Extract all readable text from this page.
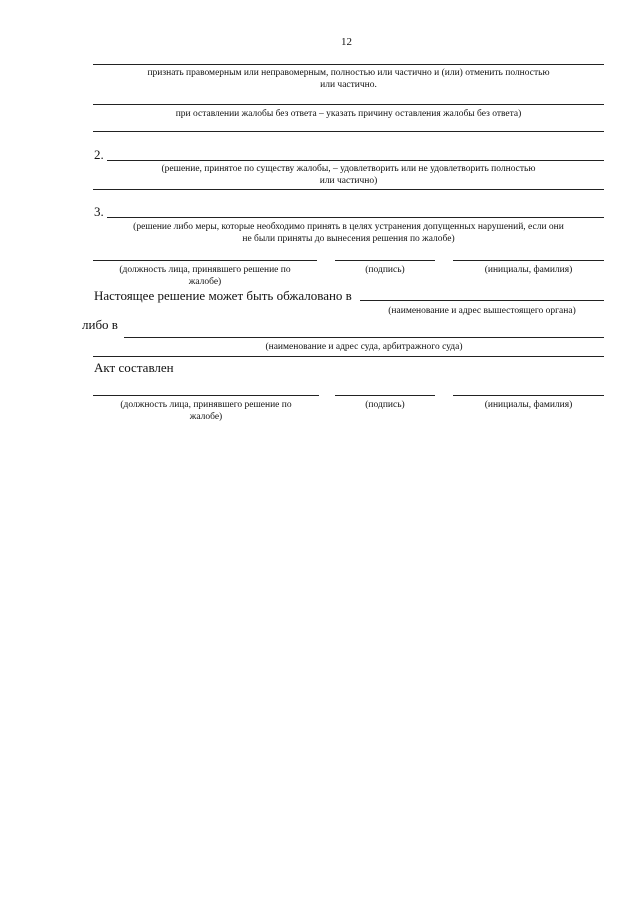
12
признать правомерным или неправомерным, полностью или частично и (или) отменить полностью
или частично.
при оставлении жалобы без ответа – указать причину оставления жалобы без ответа)
2.
(решение, принятое по существу жалобы, – удовлетворить или не удовлетворить полностью
или частично)
3.
(решение либо меры, которые необходимо принять в целях устранения допущенных нарушений, если они
не были приняты до вынесения решения по жалобе)
(должность лица, принявшего решение по
жалобе)
(подпись)	(инициалы, фамилия)
Настоящее решение может быть обжаловано в
(наименование и адрес вышестоящего органа)
либо в
(наименование и адрес суда, арбитражного суда)
Акт составлен
(должность лица, принявшего решение по
жалобе)
(подпись)	(инициалы, фамилия)
